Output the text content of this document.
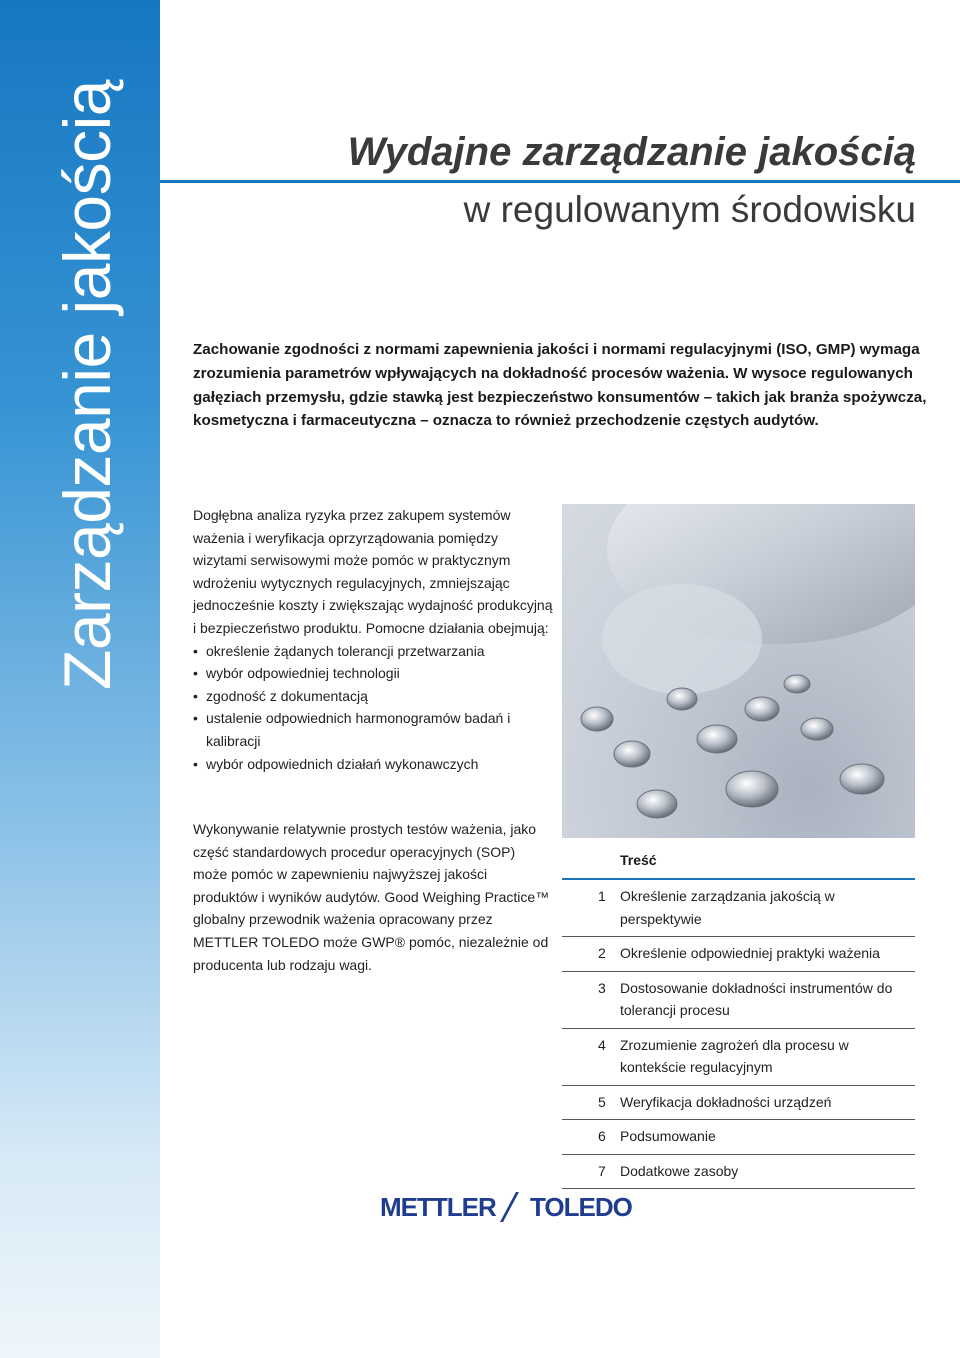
Zarządzanie jakością	Wydajne zarządzanie jakością
w regulowanym środowisku

Zachowanie zgodności z normami zapewnienia jakości i normami regulacyjnymi (ISO, GMP) wymaga zrozumienia parametrów wpływających na dokładność procesów ważenia. W wysoce regulowanych gałęziach przemysłu, gdzie stawką jest bezpieczeństwo konsumentów – takich jak branża spożywcza, kosmetyczna i farmaceutyczna – oznacza to również przechodzenie częstych audytów.

Dogłębna analiza ryzyka przez zakupem systemów ważenia i weryfikacja oprzyrządowania pomiędzy wizytami serwisowymi może pomóc w praktycznym wdrożeniu wytycznych regulacyjnych, zmniejszając jednocześnie koszty i zwiększając wydajność produkcyjną i bezpieczeństwo produktu. Pomocne działania obejmują:

• określenie żądanych tolerancji przetwarzania
• wybór odpowiedniej technologii
• zgodność z dokumentacją
• ustalenie odpowiednich harmonogramów badań i kalibracji
• wybór odpowiednich działań wykonawczych

Wykonywanie relatywnie prostych testów ważenia, jako część standardowych procedur operacyjnych (SOP) może pomóc w zapewnieniu najwyższej jakości produktów i wyników audytów. Good Weighing Practice™ globalny przewodnik ważenia opracowany przez METTLER TOLEDO może GWP® pomóc, niezależnie od producenta lub rodzaju wagi.

Treść
1	Określenie zarządzania jakością w perspektywie
2	Określenie odpowiedniej praktyki ważenia
3	Dostosowanie dokładności instrumentów do tolerancji procesu
4	Zrozumienie zagrożeń dla procesu w kontekście regulacyjnym
5	Weryfikacja dokładności urządzeń
6	Podsumowanie
7	Dodatkowe zasoby
METTLER TOLEDO
